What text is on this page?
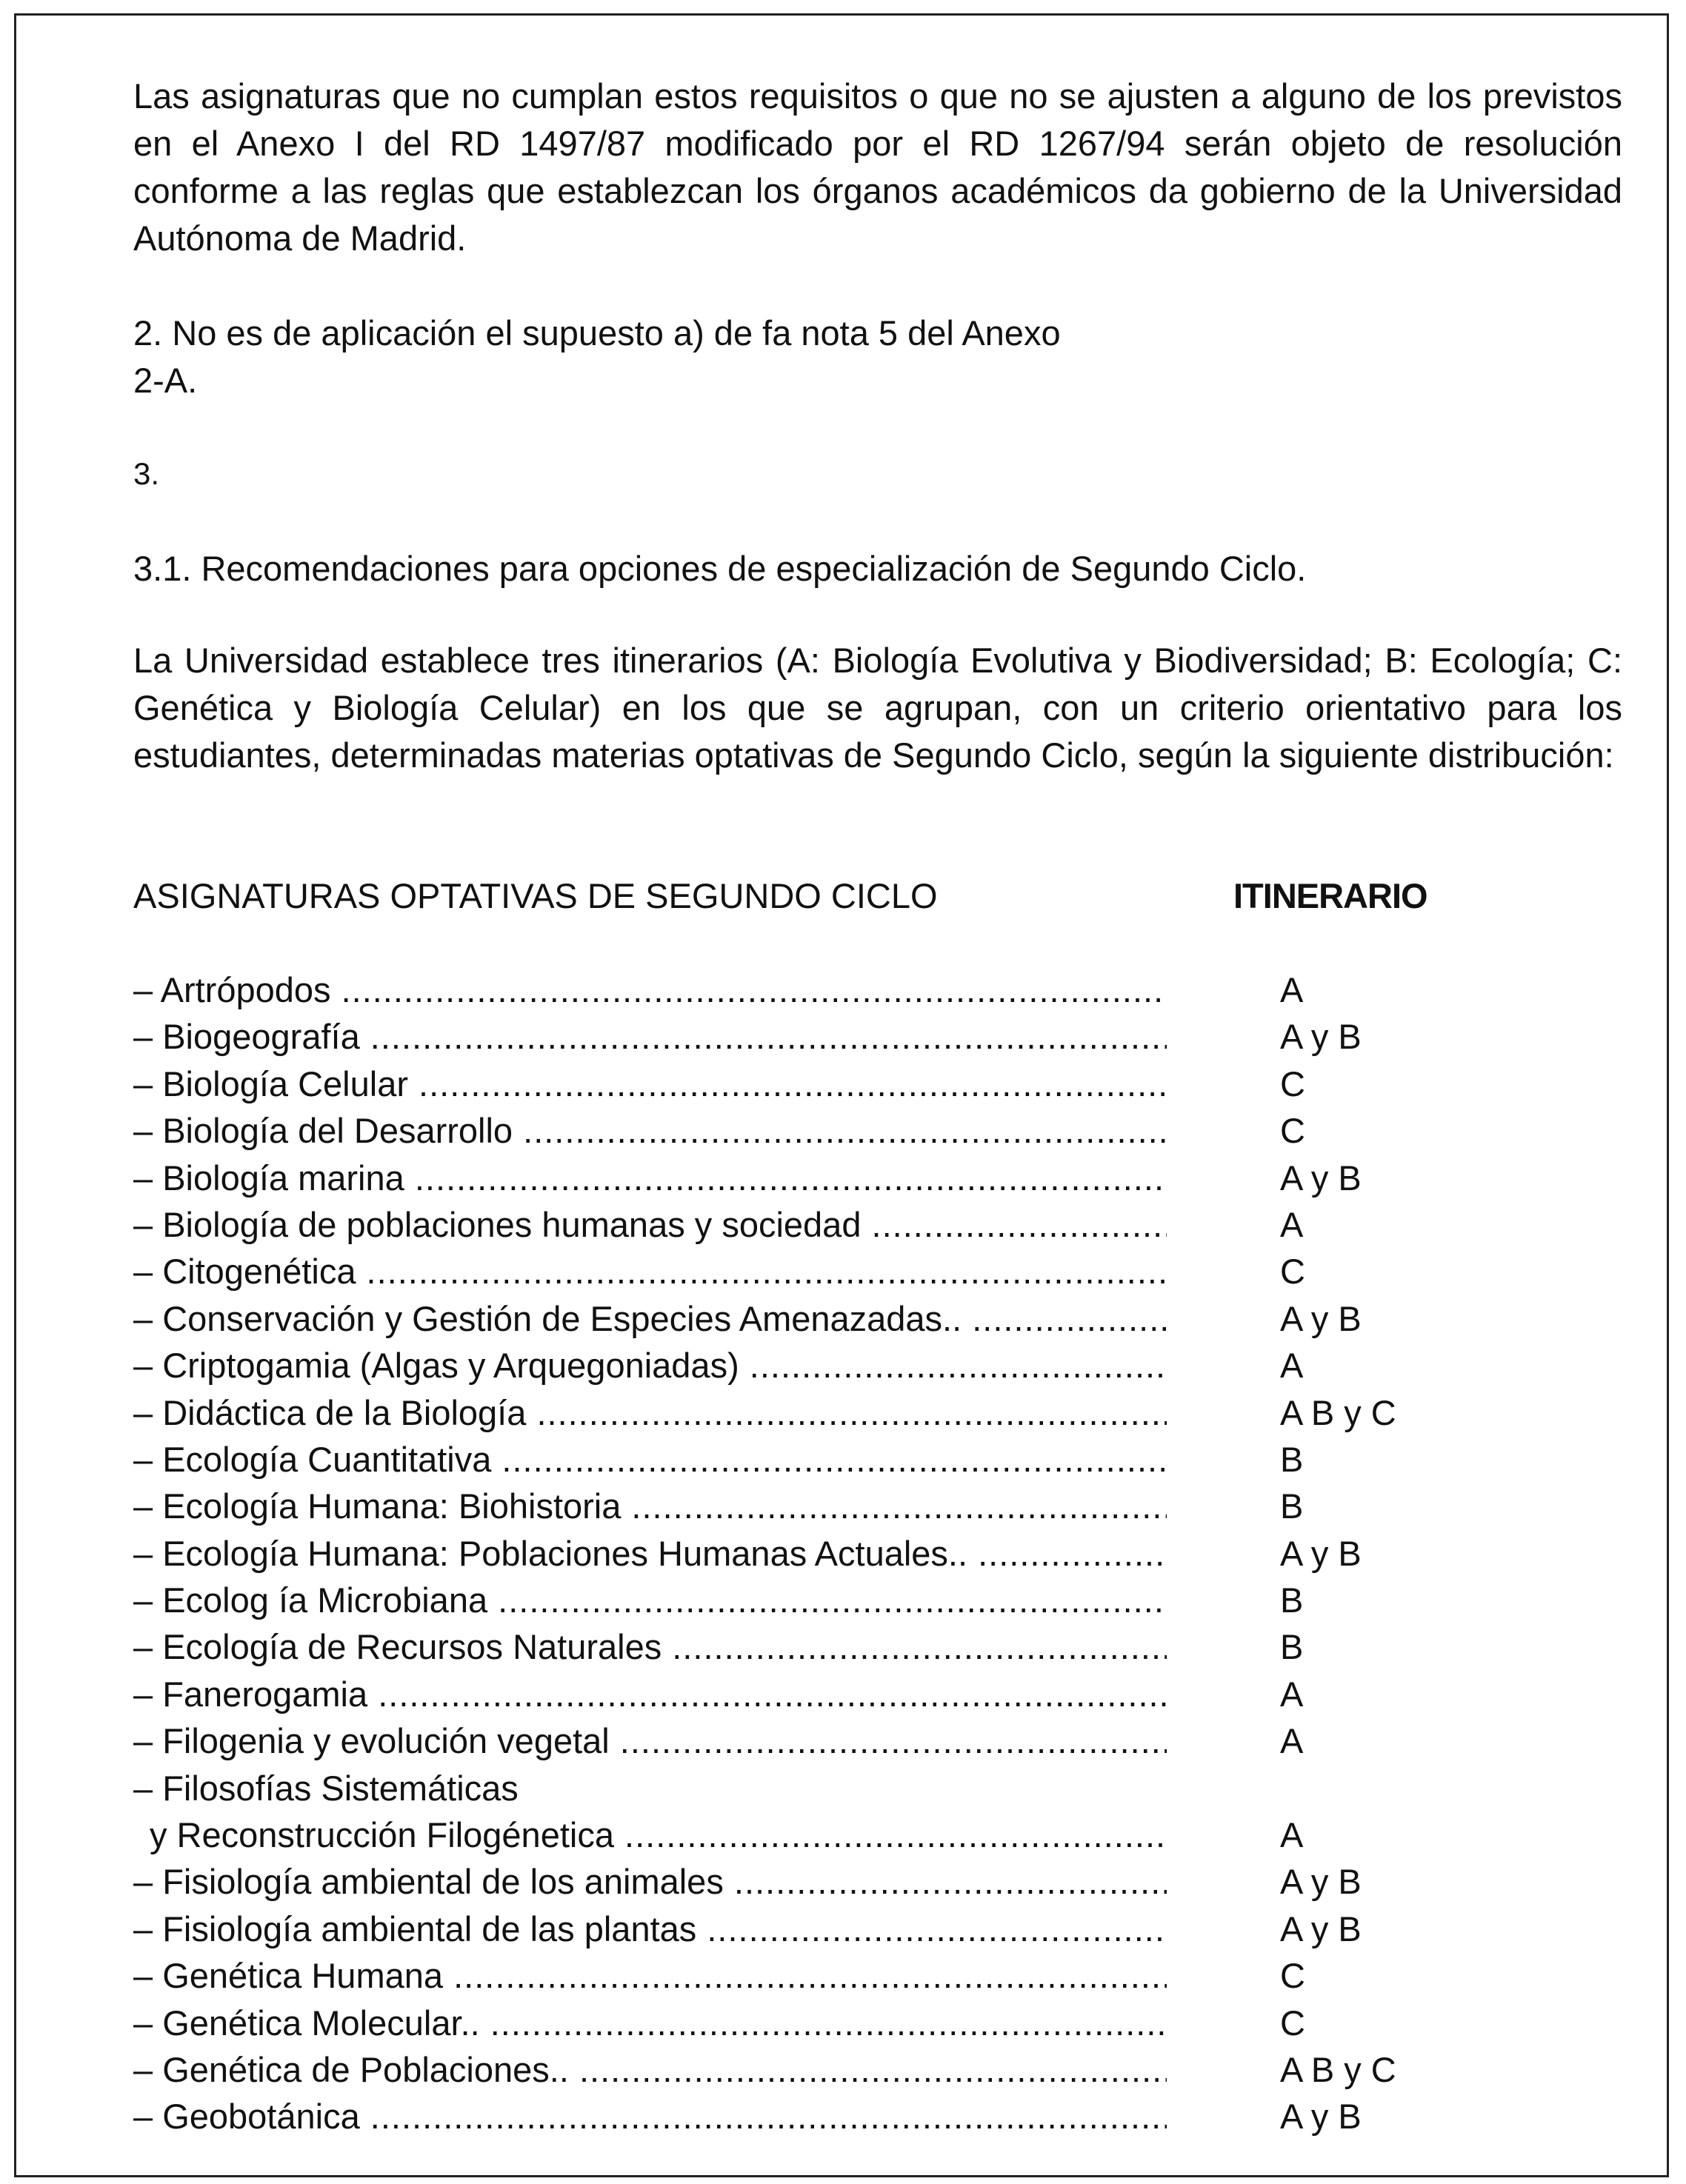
Las asignaturas que no cumplan estos requisitos o que no se ajusten a alguno de los previstos en el Anexo I del RD 1497/87 modificado por el RD 1267/94 serán objeto de resolución conforme a las reglas que establezcan los órganos académicos da gobierno de la Universidad Autónoma de Madrid.

2. No es de aplicación el supuesto a) de fa nota 5 del Anexo

2-A.

3.

3.1. Recomendaciones para opciones de especialización de Segundo Ciclo.

La Universidad establece tres itinerarios (A: Biología Evolutiva y Biodiversidad; B: Ecología; C: Genética y Biología Celular) en los que se agrupan, con un criterio orientativo para los estudiantes, determinadas materias optativas de Segundo Ciclo, según la siguiente distribución:

ASIGNATURAS OPTATIVAS DE SEGUNDO CICLO	ITINERARIO
– Artrópodos .....	A
– Biogeografía .....	A y B
– Biología Celular .....	C
– Biología del Desarrollo .....	C
– Biología marina .....	A y B
– Biología de poblaciones humanas y sociedad .....	A
– Citogenética .....	C
– Conservación y Gestión de Especies Amenazadas.. .....	A y B
– Criptogamia (Algas y Arquegoniadas) .....	A
– Didáctica de la Biología .....	A B y C
– Ecología Cuantitativa .....	B
– Ecología Humana: Biohistoria .....	B
– Ecología Humana: Poblaciones Humanas Actuales.. .....	A y B
– Ecolog ía Microbiana .....	B
– Ecología de Recursos Naturales .....	B
– Fanerogamia .....	A
– Filogenia y evolución vegetal .....	A
– Filosofías Sistemáticas
y Reconstrucción Filogénetica .....	A
– Fisiología ambiental de los animales .....	A y B
– Fisiología ambiental de las plantas .....	A y B
– Genética Humana .....	C
– Genética Molecular.. .....	C
– Genética de Poblaciones.. .....	A B y C
– Geobotánica .....	A y B
